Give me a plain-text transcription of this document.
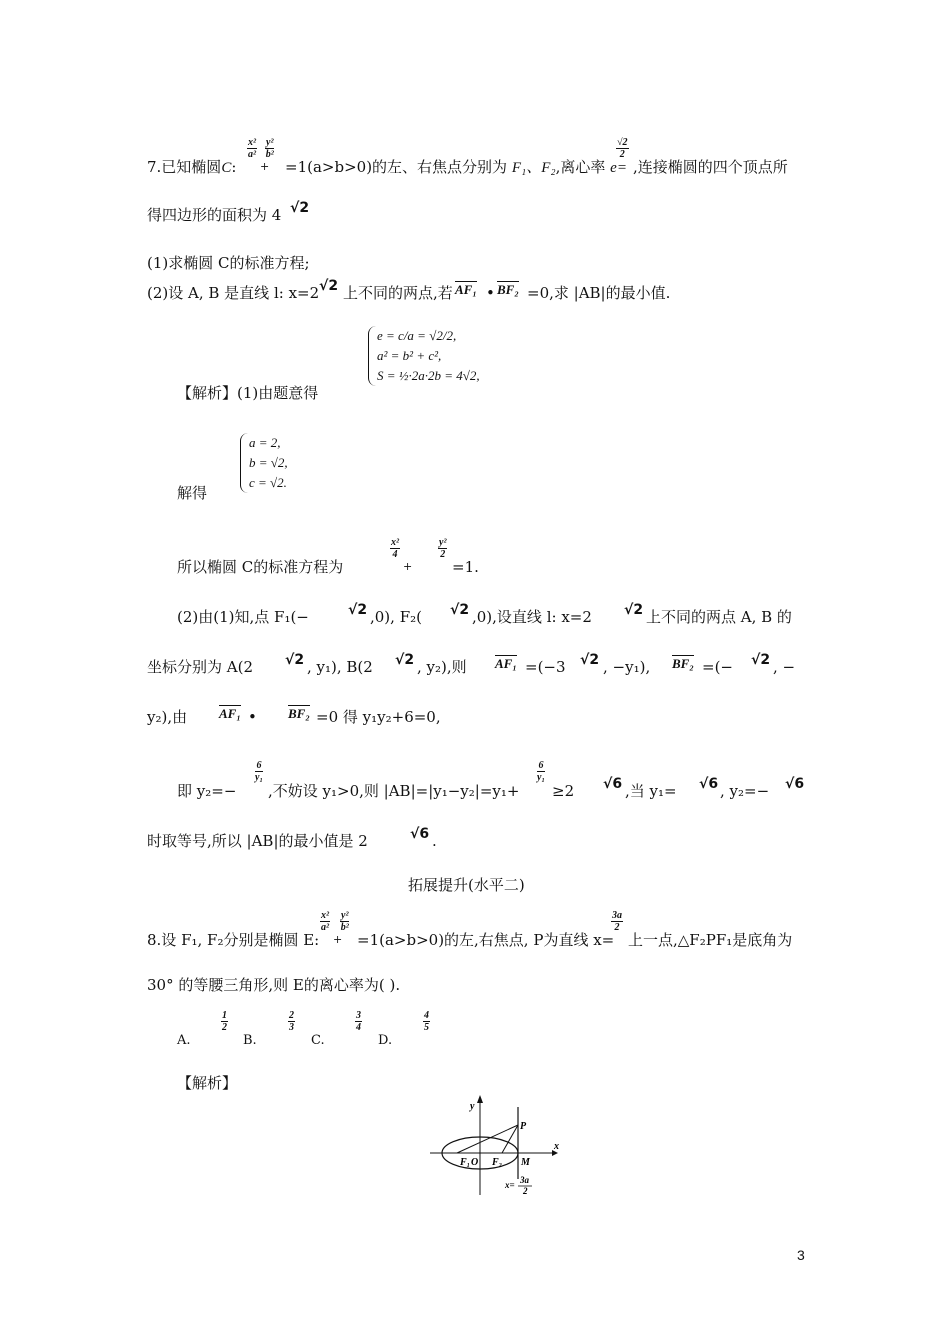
7.已知椭圆C:
$\frac{\text{x²}}{\text{a²}}$
+
$\frac{\text{y²}}{\text{b²}}$
=1(a>b>0)的左、右焦点分别为 F₁、F₂,离心率 e=
$\frac{√2}{2}$
,连接椭圆的四个顶点所
得四边形的面积为 4 √2
(1)求椭圆 C的标准方程;
(2)设 A, B 是直线 l: x=2 √2 上不同的两点,若 AF₁ • BF₂ =0,求 |AB|的最小值.
e = c/a = √2/2,
a² = b² + c²,
S = ½·2a·2b = 4√2,
【解析】(1)由题意得
a = 2,
b = √2,
c = √2.
解得
所以椭圆 C的标准方程为
$\frac{\text{x²}}{4}$
+
$\frac{\text{y²}}{2}$
=1.
(2)由(1)知,点 F₁(−	√2 ,0), F₂( √2 ,0),设直线 l: x=2 √2 上不同的两点 A, B 的
坐标分别为 A(2 √2 , y₁), B(2 √2 , y₂),则 AF₁ =(−3 √2 , −y₁), BF₂ =(− √2 , −
y₂),由 AF₁ • BF₂ =0 得 y₁y₂+6=0,
即 y₂=−
$\frac{6}{\text{y₁}}$
,不妨设 y₁>0,则 |AB|=|y₁−y₂|=y₁+
$\frac{6}{\text{y₁}}$
≥2 √6 ,当 y₁= √6 , y₂=− √6
时取等号,所以 |AB|的最小值是 2	√6 .
拓展提升(水平二)
8.设 F₁, F₂分别是椭圆 E:
$\frac{\text{x²}}{\text{a²}}$
+
$\frac{\text{y²}}{\text{b²}}$
=1(a>b>0)的左,右焦点, P为直线 x=
$\frac{3a}{2}$
上一点,△F₂PF₁是底角为
30° 的等腰三角形,则 E的离心率为( ).
A.
$\frac{1}{2}$
B.
$\frac{2}{3}$
C.
$\frac{3}{4}$
D.
$\frac{4}{5}$
【解析】
y
x
P
F₁ O F₂ M
x= 3a
2
3
